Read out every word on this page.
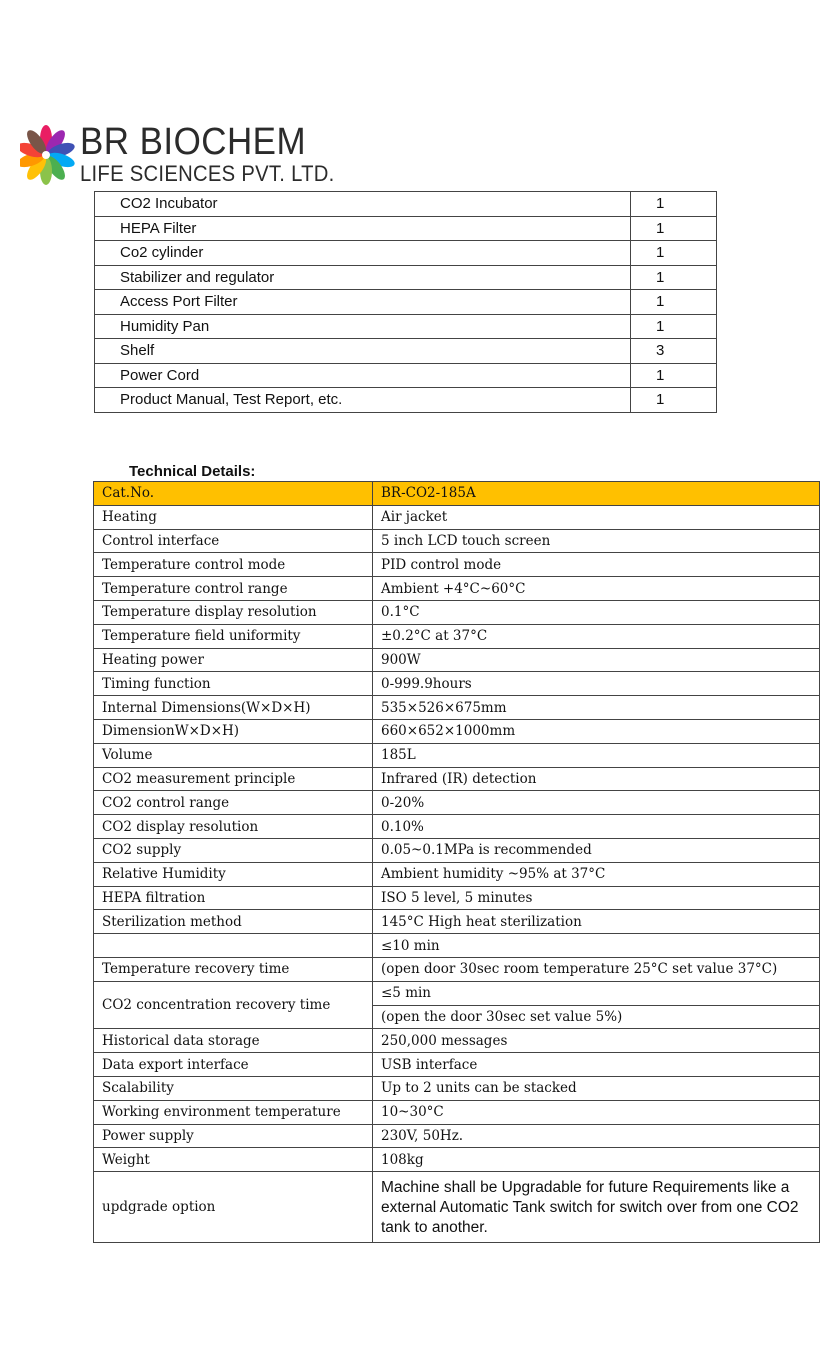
BR BIOCHEM
LIFE SCIENCES PVT. LTD.
CO2 Incubator	1
HEPA Filter	1
Co2 cylinder	1
Stabilizer and regulator	1
Access Port Filter	1
Humidity Pan	1
Shelf	3
Power Cord	1
Product Manual, Test Report, etc.	1
Technical Details:
Cat.No.	BR-CO2-185A
Heating	Air jacket
Control interface	5 inch LCD touch screen
Temperature control mode	PID control mode
Temperature control range	Ambient +4°C~60°C
Temperature display resolution	0.1°C
Temperature field uniformity	±0.2°C at 37°C
Heating power	900W
Timing function	0-999.9hours
Internal Dimensions(W×D×H)	535×526×675mm
DimensionW×D×H)	660×652×1000mm
Volume	185L
CO2 measurement principle	Infrared (IR) detection
CO2 control range	0-20%
CO2 display resolution	0.10%
CO2 supply	0.05~0.1MPa is recommended
Relative Humidity	Ambient humidity ~95% at 37°C
HEPA filtration	ISO 5 level, 5 minutes
Sterilization method	145°C High heat sterilization
	≤10 min
Temperature recovery time	(open door 30sec room temperature 25°C set value 37°C)
CO2 concentration recovery time	≤5 min
	(open the door 30sec set value 5%)
Historical data storage	250,000 messages
Data export interface	USB interface
Scalability	Up to 2 units can be stacked
Working environment temperature	10~30°C
Power supply	230V, 50Hz.
Weight	108kg
updgrade option	Machine shall be Upgradable for future Requirements like a external Automatic Tank switch for switch over from one CO2 tank to another.
